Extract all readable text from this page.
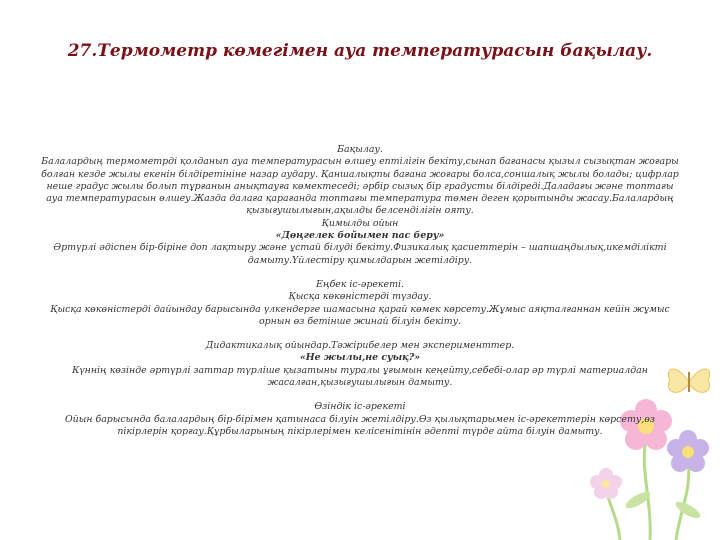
27.Термометр көмегімен ауа температурасын бақылау.

Бақылау.

Балалардың термометрді қолданып ауа температурасын өлшеу ептілігін бекіту,сынап бағанасы қызыл сызықтан жоғары болған кезде жылы екенін білдіретініне назар аудару. Қаншалықты бағана жоғары болса,соншалық жылы болады; цифрлар неше градус жылы болып тұрғанын анықтауға көмектеседі; әрбір сызық бір градусты білдіреді.Даладағы және топтағы ауа температурасын өлшеу.Жазда далаға қарағанда топтағы температура төмен деген қорытынды жасау.Балалардың қызығушылығын,ақылды белсенділігін ояту.

Қимылды ойын

«Дөңгелек бойымен пас беру»

Әртүрлі әдіспен бір-біріне доп лақтыру және ұстай білуді бекіту.Физикалық қасиеттерін – шапшаңдылық,икемділікті дамыту.Үйлестіру қимылдарын жетілдіру.

Еңбек іс-әрекеті.

Қысқа көкөністерді түздау.

Қысқа көкөністерді дайындау барысында үлкендерге шамасына қарай көмек көрсету.Жұмыс аяқталғаннан кейін жұмыс орнын өз бетінше жинай білуін бекіту.

Дидактикалық ойындар.Тәжірибелер мен эксперименттер.

«Не жылы,не суық?»

Күннің көзінде әртүрлі заттар түрліше қызатыны туралы ұғымын кеңейту,себебі-олар әр түрлі материалдан жасалған,қызығушылығын дамыту.

Өзіндік іс-әрекеті

Ойын барысында балалардың бір-бірімен қатынаса білуін жетілдіру.Өз қылықтарымен іс-әрекеттерін көрсету,өз пікірлерін қорғау.Құрбыларының пікірлерімен келісенітінін әдепті түрде айта білуін дамыту.
